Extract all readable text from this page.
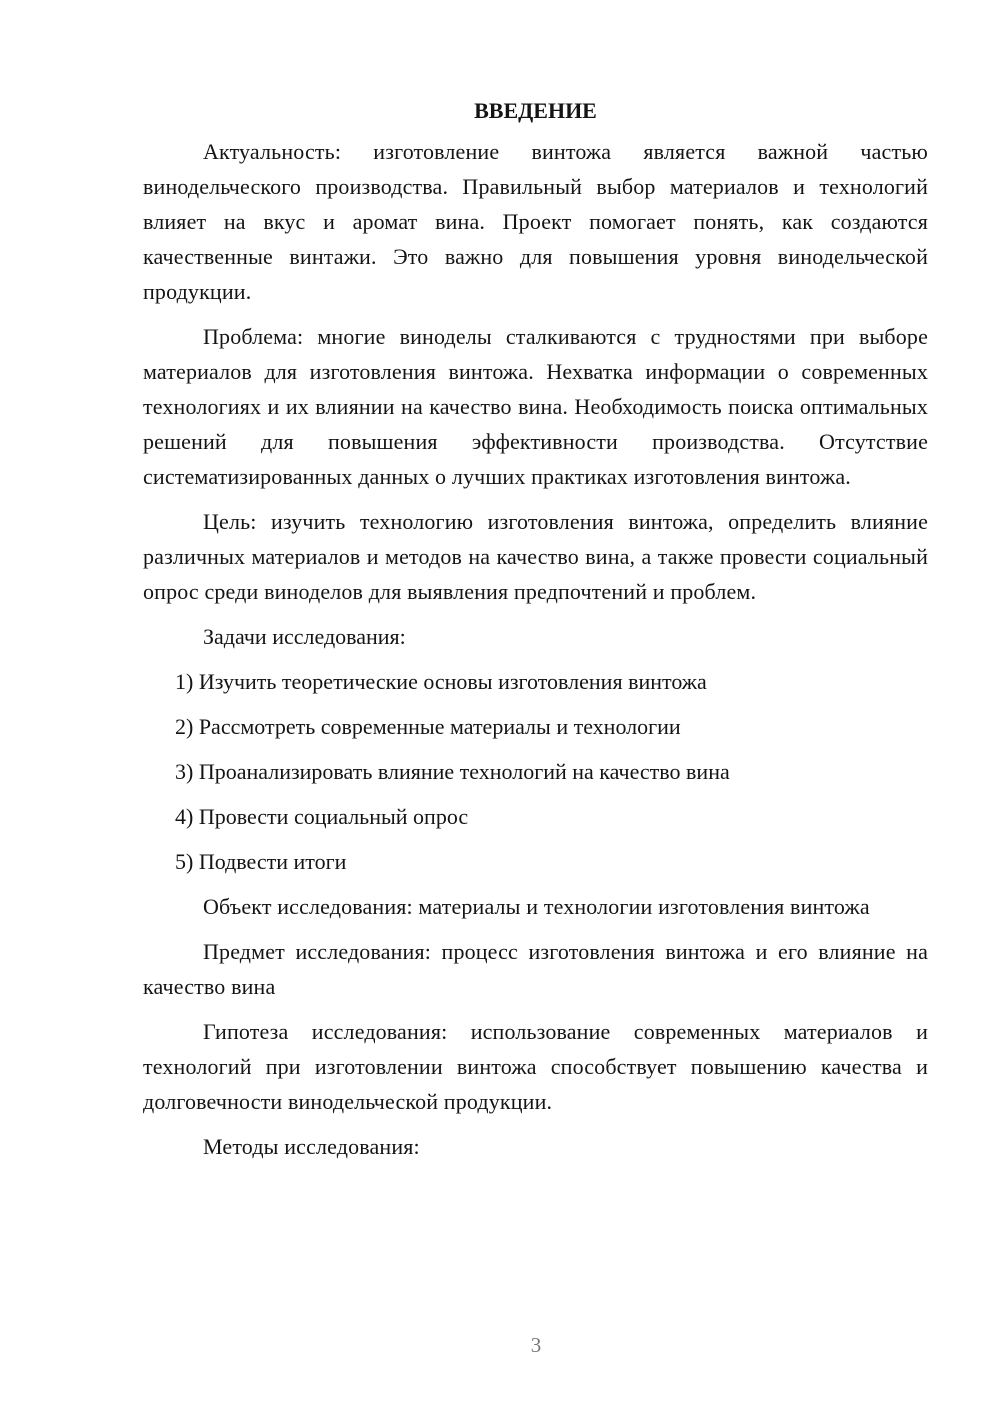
ВВЕДЕНИЕ

Актуальность: изготовление винтожа является важной частью винодельческого производства. Правильный выбор материалов и технологий влияет на вкус и аромат вина. Проект помогает понять, как создаются качественные винтажи. Это важно для повышения уровня винодельческой продукции.

Проблема: многие виноделы сталкиваются с трудностями при выборе материалов для изготовления винтожа. Нехватка информации о современных технологиях и их влиянии на качество вина. Необходимость поиска оптимальных решений для повышения эффективности производства. Отсутствие систематизированных данных о лучших практиках изготовления винтожа.

Цель: изучить технологию изготовления винтожа, определить влияние различных материалов и методов на качество вина, а также провести социальный опрос среди виноделов для выявления предпочтений и проблем.

Задачи исследования:

1) Изучить теоретические основы изготовления винтожа

2) Рассмотреть современные материалы и технологии

3) Проанализировать влияние технологий на качество вина

4) Провести социальный опрос

5) Подвести итоги

Объект исследования: материалы и технологии изготовления винтожа

Предмет исследования: процесс изготовления винтожа и его влияние на качество вина

Гипотеза исследования: использование современных материалов и технологий при изготовлении винтожа способствует повышению качества и долговечности винодельческой продукции.

Методы исследования:

3
